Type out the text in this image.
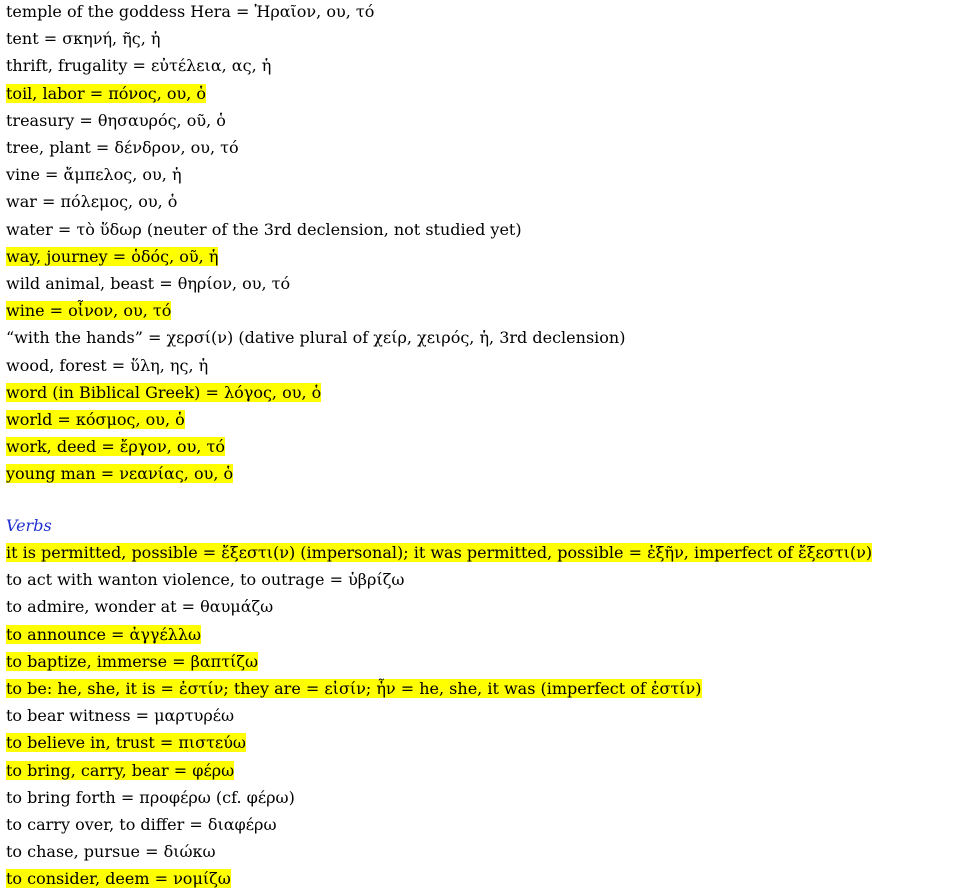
temple of the goddess Hera = Ἡραῖον, ου, τό
tent = σκηνή, ῆς, ἡ
thrift, frugality = εὐτέλεια, ας, ἡ
toil, labor = πόνος, ου, ὁ
treasury = θησαυρός, οῦ, ὁ
tree, plant = δένδρον, ου, τό
vine = ἄμπελος, ου, ἡ
war = πόλεμος, ου, ὁ
water = τὸ ὕδωρ (neuter of the 3rd declension, not studied yet)
way, journey = ὁδός, οῦ, ἡ
wild animal, beast = θηρίον, ου, τό
wine = οἶνον, ου, τό
“with the hands” = χερσί(ν) (dative plural of χείρ, χειρός, ἡ, 3rd declension)
wood, forest = ὕλη, ης, ἡ
word (in Biblical Greek) = λόγος, ου, ὁ
world = κόσμος, ου, ὁ
work, deed = ἔργον, ου, τό
young man = νεανίας, ου, ὁ
Verbs
it is permitted, possible = ἔξεστι(ν) (impersonal); it was permitted, possible = ἐξῆν, imperfect of ἔξεστι(ν)
to act with wanton violence, to outrage = ὑβρίζω
to admire, wonder at = θαυμάζω
to announce = ἀγγέλλω
to baptize, immerse = βαπτίζω
to be: he, she, it is = ἐστίν; they are = εἰσίν; ἦν = he, she, it was (imperfect of ἐστίν)
to bear witness = μαρτυρέω
to believe in, trust = πιστεύω
to bring, carry, bear = φέρω
to bring forth = προφέρω (cf. φέρω)
to carry over, to differ = διαφέρω
to chase, pursue = διώκω
to consider, deem = νομίζω
